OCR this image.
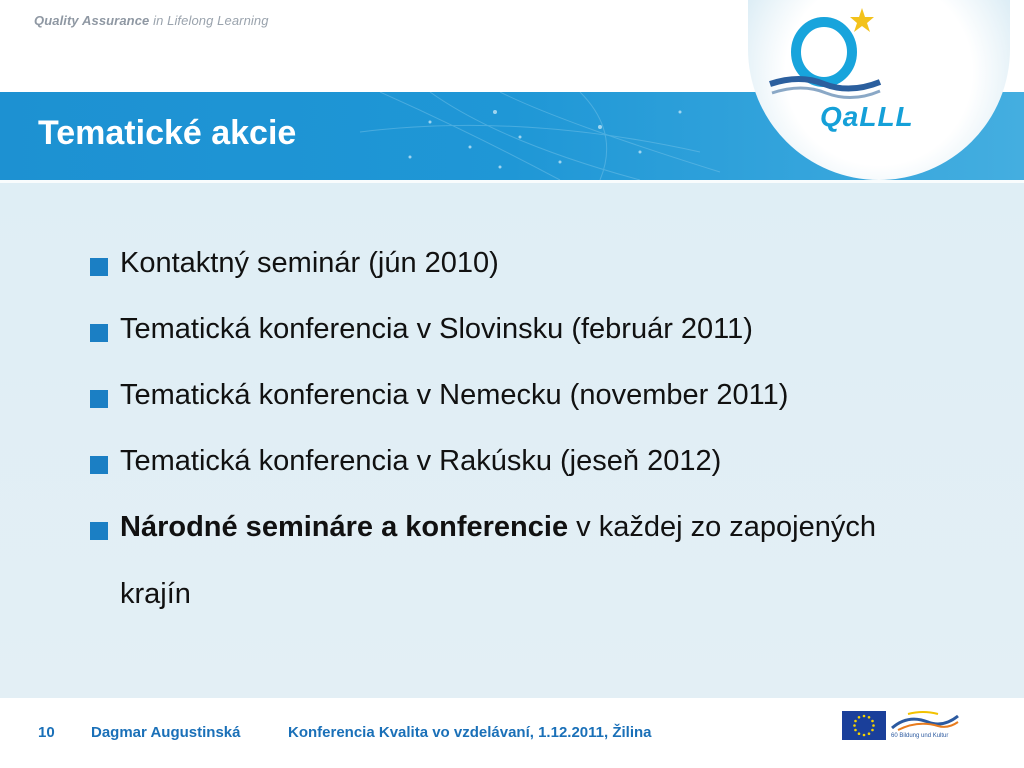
Quality Assurance in Lifelong Learning
Tematické akcie	QaLLL
Kontaktný seminár (jún 2010)
Tematická konferencia v Slovinsku (február 2011)
Tematická konferencia v Nemecku (november 2011)
Tematická konferencia v Rakúsku (jeseň 2012)
Národné semináre a konferencie v každej zo zapojených krajín
10 Dagmar Augustinská	Konferencia Kvalita vo vzdelávaní, 1.12.2011, Žilina	60 Bildung und Kultur
